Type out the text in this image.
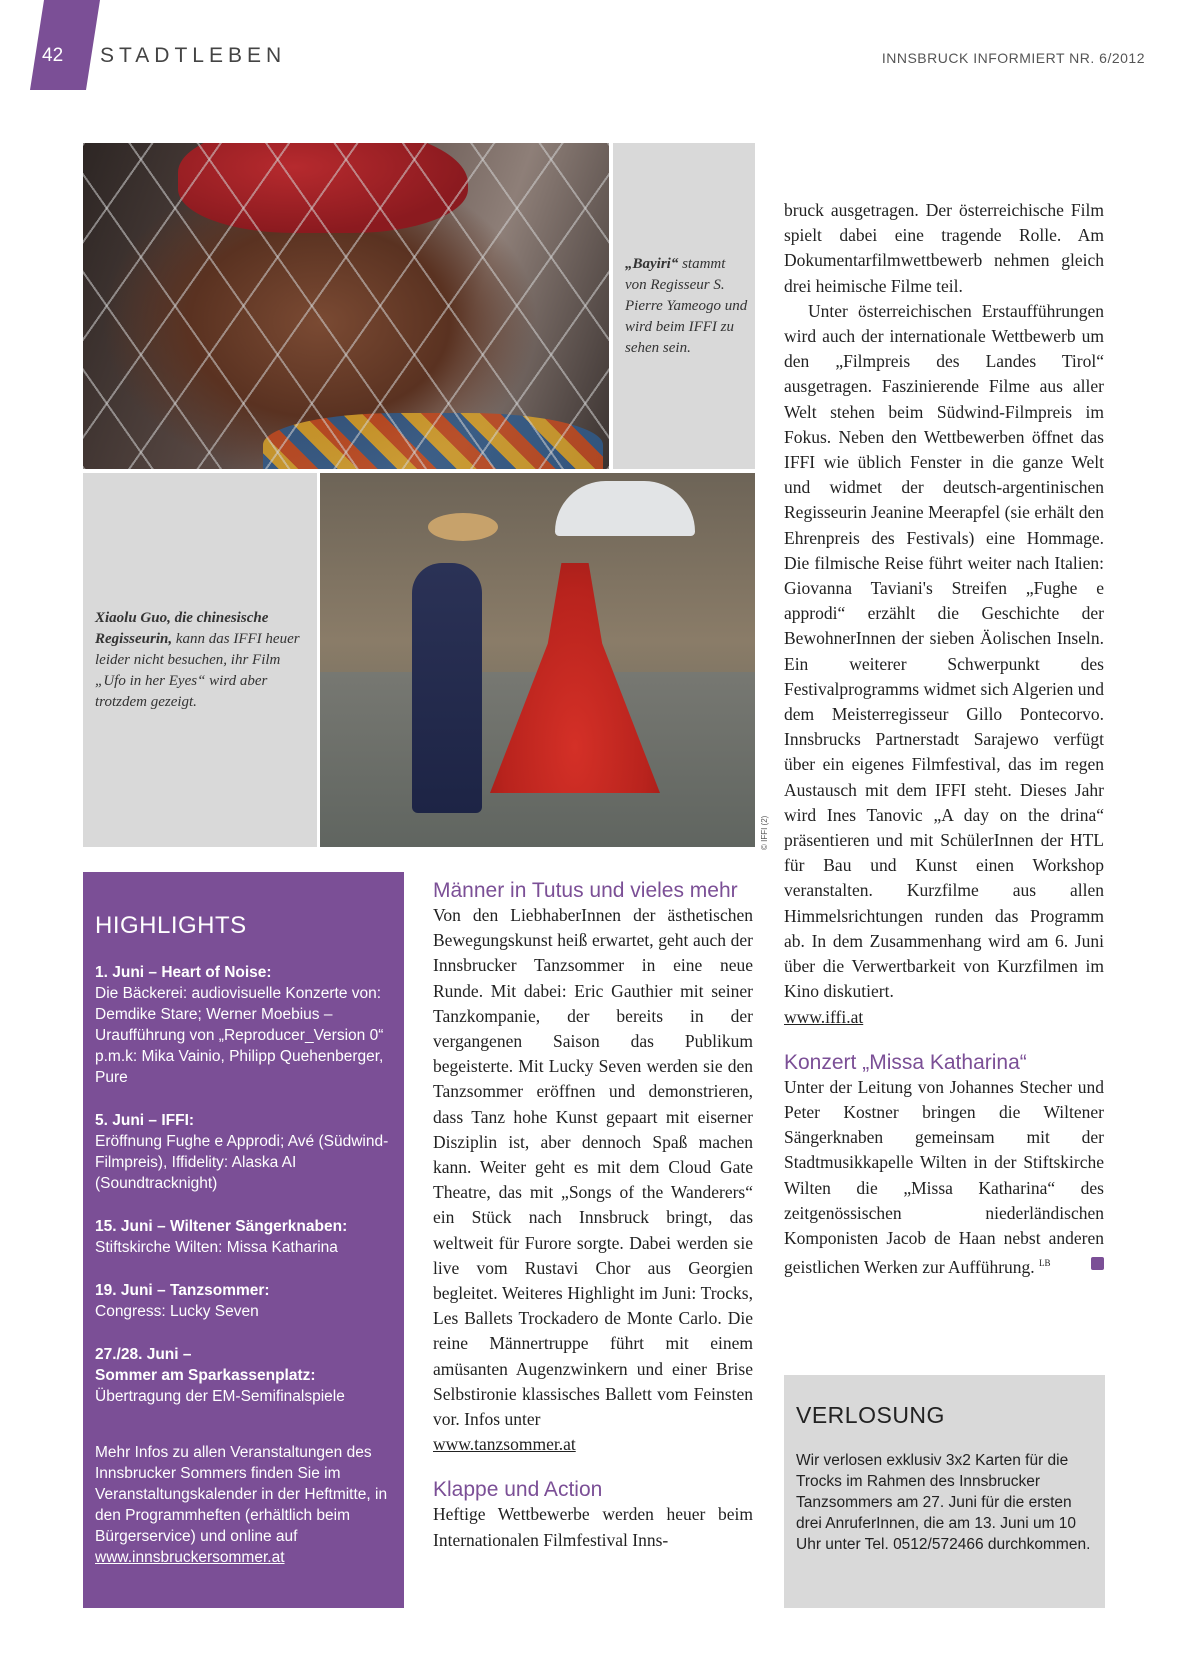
42 STADTLEBEN	INNSBRUCK INFORMIERT NR. 6/2012
„Bayiri“ stammt von Regisseur S. Pierre Yameogo und wird beim IFFI zu sehen sein.
Xiaolu Guo, die chinesische Regisseurin, kann das IFFI heuer leider nicht besuchen, ihr Film „Ufo in her Eyes“ wird aber trotzdem gezeigt.
© IFFI (2)
HIGHLIGHTS
1. Juni – Heart of Noise:
Die Bäckerei: audiovisuelle Konzerte von: Demdike Stare; Werner Moebius – Uraufführung von „Reproducer_Version 0“ p.m.k: Mika Vainio, Philipp Quehenberger, Pure
5. Juni – IFFI:
Eröffnung Fughe e Approdi; Avé (Südwind-Filmpreis), Iffidelity: Alaska AI (Soundtracknight)
15. Juni – Wiltener Sängerknaben:
Stiftskirche Wilten: Missa Katharina
19. Juni – Tanzsommer:
Congress: Lucky Seven
27./28. Juni –
Sommer am Sparkassenplatz:
Übertragung der EM-Semifinalspiele
Mehr Infos zu allen Veranstaltungen des Innsbrucker Sommers finden Sie im Veranstaltungskalender in der Heftmitte, in den Programmheften (erhältlich beim Bürgerservice) und online auf www.innsbruckersommer.at

Männer in Tutus und vieles mehr

Von den LiebhaberInnen der ästhetischen Bewegungskunst heiß erwartet, geht auch der Innsbrucker Tanzsommer in eine neue Runde. Mit dabei: Eric Gauthier mit seiner Tanzkompanie, der bereits in der vergangenen Saison das Publikum begeisterte. Mit Lucky Seven werden sie den Tanzsommer eröffnen und demonstrieren, dass Tanz hohe Kunst gepaart mit eiserner Disziplin ist, aber dennoch Spaß machen kann. Weiter geht es mit dem Cloud Gate Theatre, das mit „Songs of the Wanderers“ ein Stück nach Innsbruck bringt, das weltweit für Furore sorgte. Dabei werden sie live vom Rustavi Chor aus Georgien begleitet. Weiteres Highlight im Juni: Trocks, Les Ballets Trockadero de Monte Carlo. Die reine Männertruppe führt mit einem amüsanten Augenzwinkern und einer Brise Selbstironie klassisches Ballett vom Feinsten vor. Infos unter

www.tanzsommer.at

Klappe und Action

Heftige Wettbewerbe werden heuer beim Internationalen Filmfestival Inns-

bruck ausgetragen. Der österreichische Film spielt dabei eine tragende Rolle. Am Dokumentarfilmwettbewerb nehmen gleich drei heimische Filme teil.

Unter österreichischen Erstaufführungen wird auch der internationale Wettbewerb um den „Filmpreis des Landes Tirol“ ausgetragen. Faszinierende Filme aus aller Welt stehen beim Südwind-Filmpreis im Fokus. Neben den Wettbewerben öffnet das IFFI wie üblich Fenster in die ganze Welt und widmet der deutsch-argentinischen Regisseurin Jeanine Meerapfel (sie erhält den Ehrenpreis des Festivals) eine Hommage. Die filmische Reise führt weiter nach Italien: Giovanna Taviani's Streifen „Fughe e approdi“ erzählt die Geschichte der BewohnerInnen der sieben Äolischen Inseln. Ein weiterer Schwerpunkt des Festivalprogramms widmet sich Algerien und dem Meisterregisseur Gillo Pontecorvo. Innsbrucks Partnerstadt Sarajewo verfügt über ein eigenes Filmfestival, das im regen Austausch mit dem IFFI steht. Dieses Jahr wird Ines Tanovic „A day on the drina“ präsentieren und mit SchülerInnen der HTL für Bau und Kunst einen Workshop veranstalten. Kurzfilme aus allen Himmelsrichtungen runden das Programm ab. In dem Zusammenhang wird am 6. Juni über die Verwertbarkeit von Kurzfilmen im Kino diskutiert.

www.iffi.at

Konzert „Missa Katharina“

Unter der Leitung von Johannes Stecher und Peter Kostner bringen die Wiltener Sängerknaben gemeinsam mit der Stadtmusikkapelle Wilten in der Stiftskirche Wilten die „Missa Katharina“ des zeitgenössischen niederländischen Komponisten Jacob de Haan nebst anderen geistlichen Werken zur Aufführung. $^{LB}$

VERLOSUNG
Wir verlosen exklusiv 3x2 Karten für die Trocks im Rahmen des Innsbrucker Tanzsommers am 27. Juni für die ersten drei AnruferInnen, die am 13. Juni um 10 Uhr unter Tel. 0512/572466 durchkommen.
